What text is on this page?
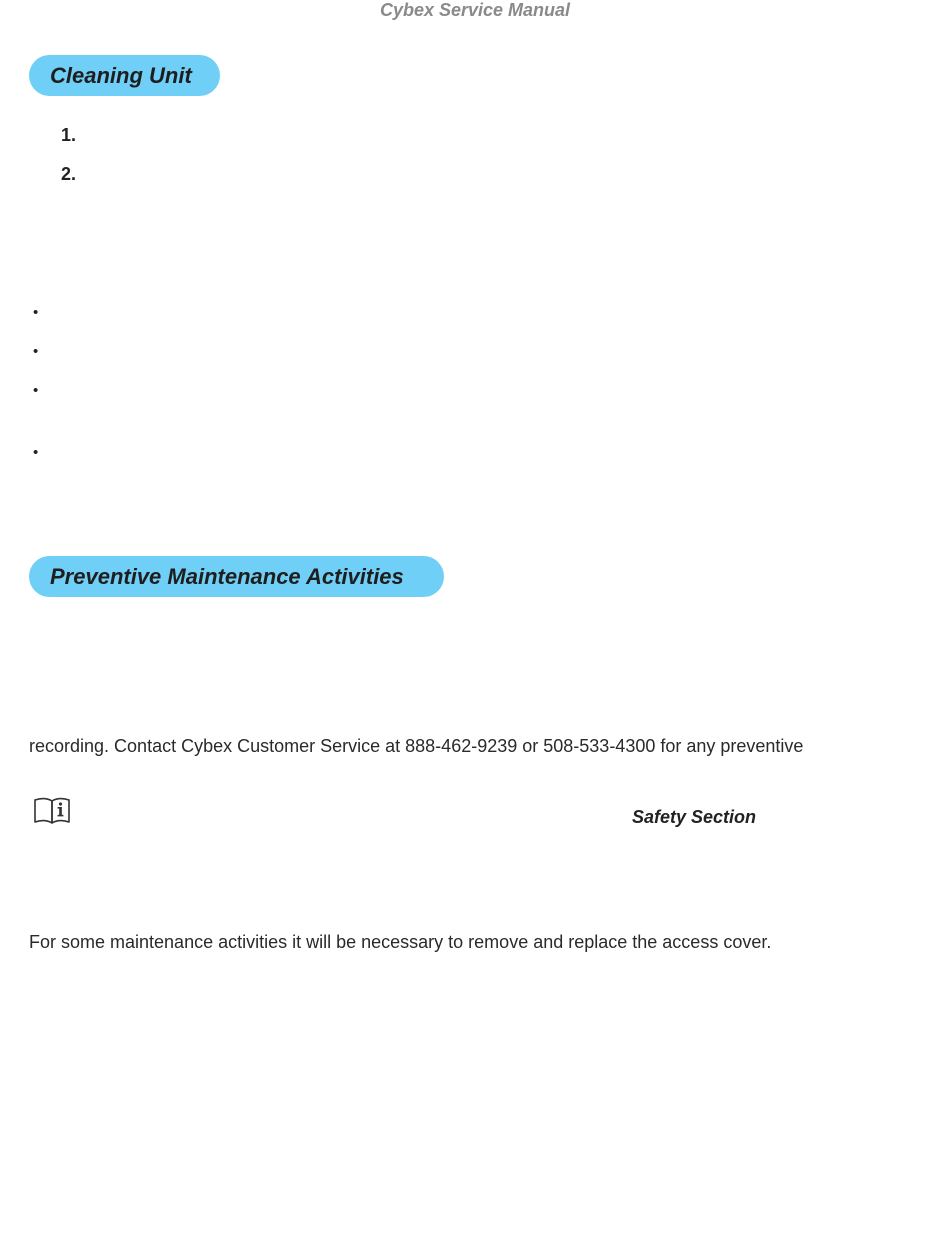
Cybex Service Manual
Cleaning Unit
1.
2.
•
•
•
•
Preventive Maintenance Activities
recording. Contact Cybex Customer Service at 888-462-9239 or 508-533-4300 for any preventive
Safety Section
For some maintenance activities it will be necessary to remove and replace the access cover.
